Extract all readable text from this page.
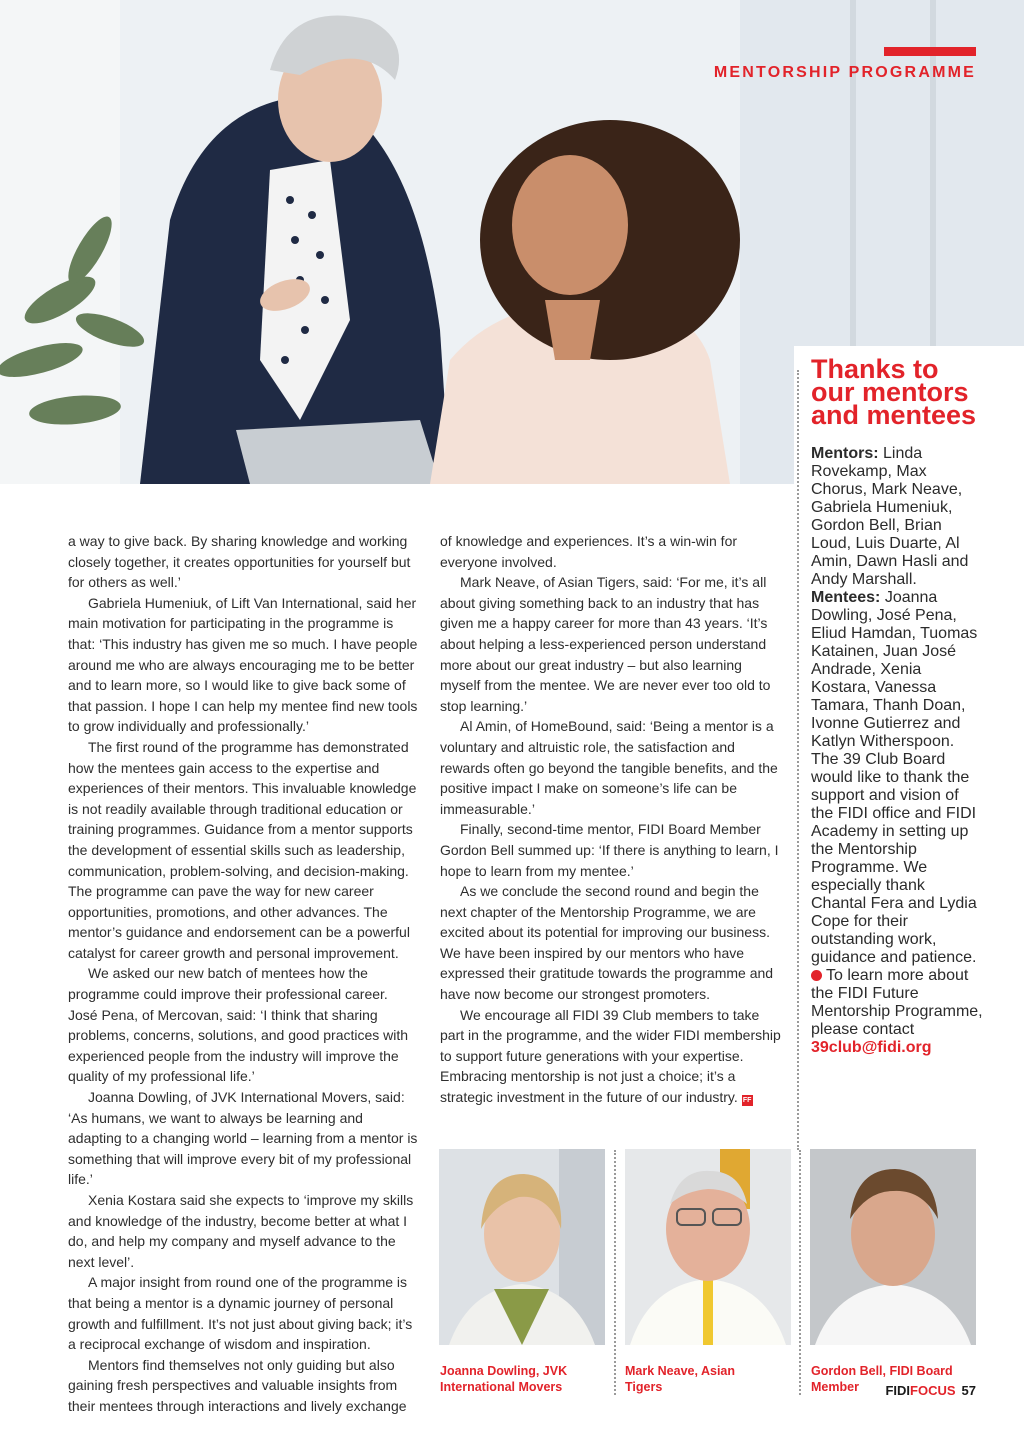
MENTORSHIP PROGRAMME
Thanks to our mentors and mentees

Mentors: Linda Rovekamp, Max Chorus, Mark Neave, Gabriela Humeniuk, Gordon Bell, Brian Loud, Luis Duarte, Al Amin, Dawn Hasli and Andy Marshall.

Mentees: Joanna Dowling, José Pena, Eliud Hamdan, Tuomas Katainen, Juan José Andrade, Xenia Kostara, Vanessa Tamara, Thanh Doan, Ivonne Gutierrez and Katlyn Witherspoon.

The 39 Club Board would like to thank the support and vision of the FIDI office and FIDI Academy in setting up the Mentorship Programme. We especially thank Chantal Fera and Lydia Cope for their outstanding work, guidance and patience.

To learn more about the FIDI Future Mentorship Programme, please contact 39club@fidi.org

a way to give back. By sharing knowledge and working closely together, it creates opportunities for yourself but for others as well.’

Gabriela Humeniuk, of Lift Van International, said her main motivation for participating in the programme is that: ‘This industry has given me so much. I have people around me who are always encouraging me to be better and to learn more, so I would like to give back some of that passion. I hope I can help my mentee find new tools to grow individually and professionally.’

The first round of the programme has demonstrated how the mentees gain access to the expertise and experiences of their mentors. This invaluable knowledge is not readily available through traditional education or training programmes. Guidance from a mentor supports the development of essential skills such as leadership, communication, problem-solving, and decision-making. The programme can pave the way for new career opportunities, promotions, and other advances. The mentor’s guidance and endorsement can be a powerful catalyst for career growth and personal improvement.

We asked our new batch of mentees how the programme could improve their professional career. José Pena, of Mercovan, said: ‘I think that sharing problems, concerns, solutions, and good practices with experienced people from the industry will improve the quality of my professional life.’

Joanna Dowling, of JVK International Movers, said: ‘As humans, we want to always be learning and adapting to a changing world – learning from a mentor is something that will improve every bit of my professional life.’

Xenia Kostara said she expects to ‘improve my skills and knowledge of the industry, become better at what I do, and help my company and myself advance to the next level’.

A major insight from round one of the programme is that being a mentor is a dynamic journey of personal growth and fulfillment. It’s not just about giving back; it’s a reciprocal exchange of wisdom and inspiration.

Mentors find themselves not only guiding but also gaining fresh perspectives and valuable insights from their mentees through interactions and lively exchange

of knowledge and experiences. It’s a win-win for everyone involved.

Mark Neave, of Asian Tigers, said: ‘For me, it’s all about giving something back to an industry that has given me a happy career for more than 43 years. ‘It’s about helping a less-experienced person understand more about our great industry – but also learning myself from the mentee. We are never ever too old to stop learning.’

Al Amin, of HomeBound, said: ‘Being a mentor is a voluntary and altruistic role, the satisfaction and rewards often go beyond the tangible benefits, and the positive impact I make on someone’s life can be immeasurable.’

Finally, second-time mentor, FIDI Board Member Gordon Bell summed up: ‘If there is anything to learn, I hope to learn from my mentee.’

As we conclude the second round and begin the next chapter of the Mentorship Programme, we are excited about its potential for improving our business. We have been inspired by our mentors who have expressed their gratitude towards the programme and have now become our strongest promoters.

We encourage all FIDI 39 Club members to take part in the programme, and the wider FIDI membership to support future generations with your expertise. Embracing mentorship is not just a choice; it’s a strategic investment in the future of our industry. FF

Joanna Dowling, JVK International Movers
Mark Neave, Asian Tigers
Gordon Bell, FIDI Board Member	FIDIFOCUS 57
